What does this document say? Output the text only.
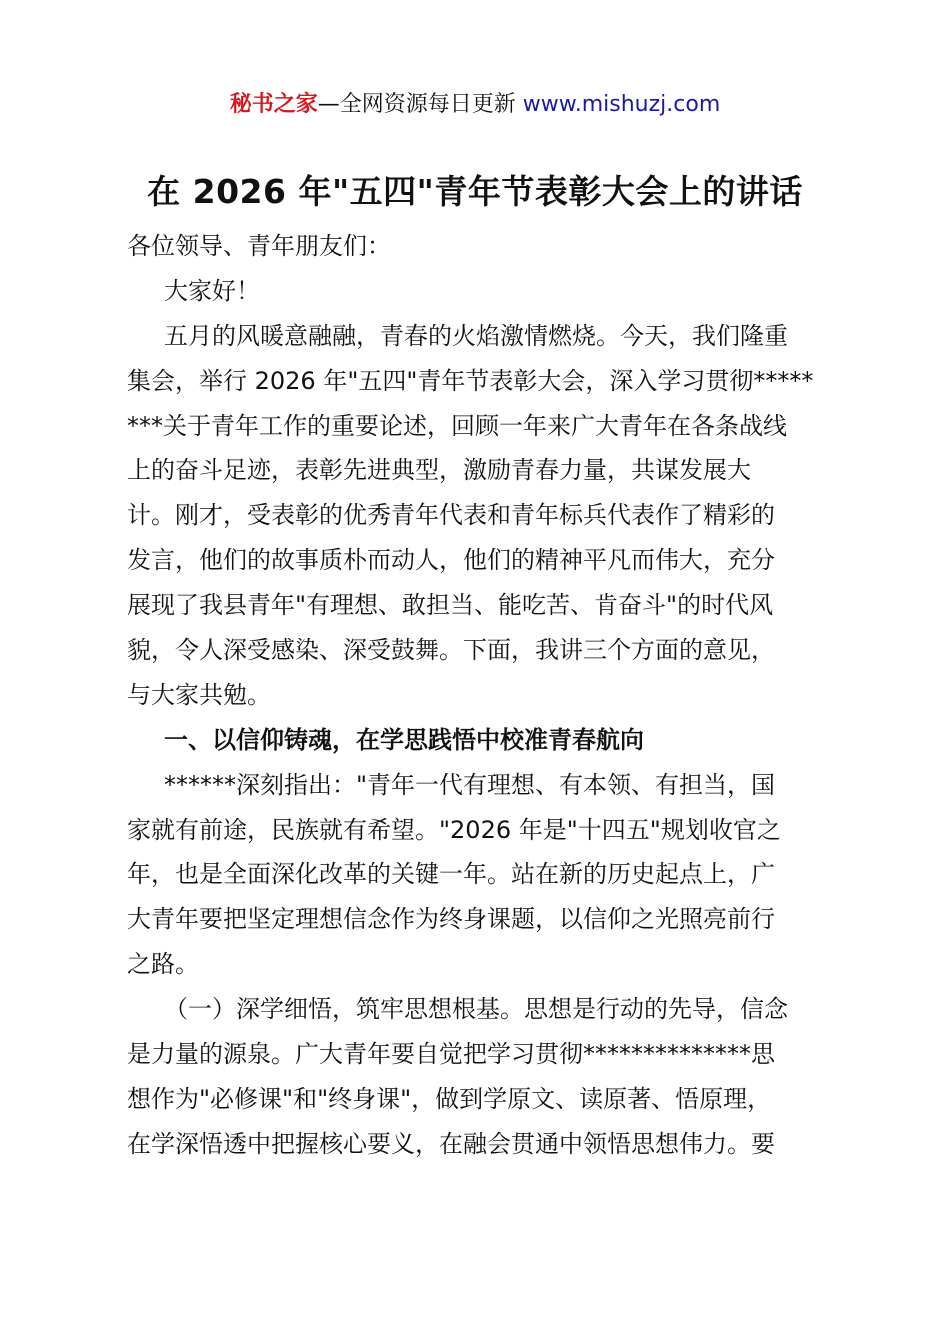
秘书之家—全网资源每日更新 www.mishuzj.com
在 2026 年"五四"青年节表彰大会上的讲话
各位领导、青年朋友们：
大家好！
五月的风暖意融融，青春的火焰激情燃烧。今天，我们隆重
集会，举行 2026 年"五四"青年节表彰大会，深入学习贯彻*****
***关于青年工作的重要论述，回顾一年来广大青年在各条战线
上的奋斗足迹，表彰先进典型，激励青春力量，共谋发展大
计。刚才，受表彰的优秀青年代表和青年标兵代表作了精彩的
发言，他们的故事质朴而动人，他们的精神平凡而伟大，充分
展现了我县青年"有理想、敢担当、能吃苦、肯奋斗"的时代风
貌，令人深受感染、深受鼓舞。下面，我讲三个方面的意见，
与大家共勉。
一、以信仰铸魂，在学思践悟中校准青春航向
******深刻指出："青年一代有理想、有本领、有担当，国
家就有前途，民族就有希望。"2026 年是"十四五"规划收官之
年，也是全面深化改革的关键一年。站在新的历史起点上，广
大青年要把坚定理想信念作为终身课题，以信仰之光照亮前行
之路。
（一）深学细悟，筑牢思想根基。思想是行动的先导，信念
是力量的源泉。广大青年要自觉把学习贯彻**************思
想作为"必修课"和"终身课"，做到学原文、读原著、悟原理，
在学深悟透中把握核心要义，在融会贯通中领悟思想伟力。要
